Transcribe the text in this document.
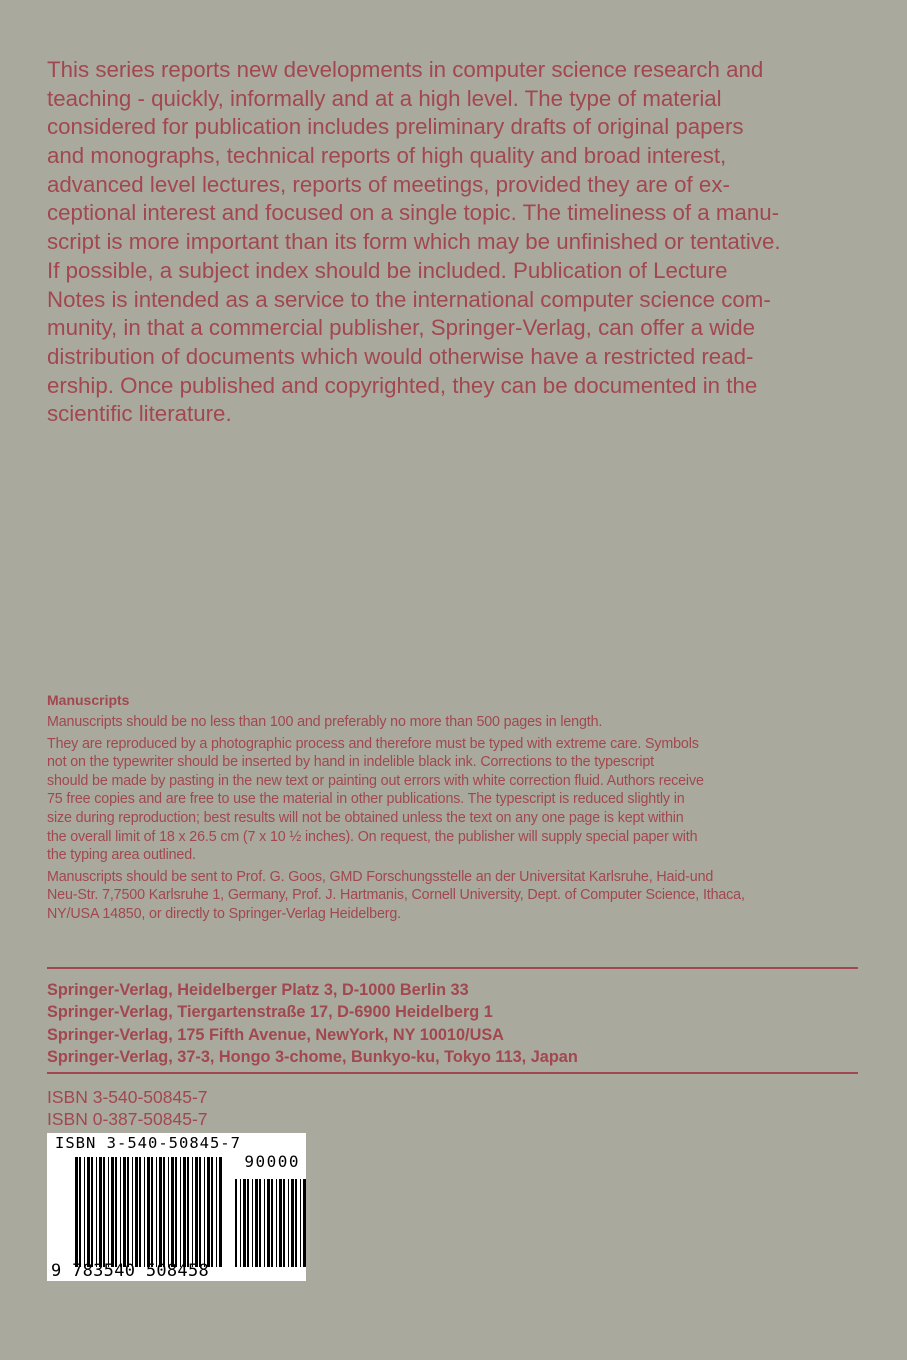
This series reports new developments in computer science research and
teaching - quickly, informally and at a high level. The type of material
considered for publication includes preliminary drafts of original papers
and monographs, technical reports of high quality and broad interest,
advanced level lectures, reports of meetings, provided they are of ex-
ceptional interest and focused on a single topic. The timeliness of a manu-
script is more important than its form which may be unfinished or tentative.
If possible, a subject index should be included. Publication of Lecture
Notes is intended as a service to the international computer science com-
munity, in that a commercial publisher, Springer-Verlag, can offer a wide
distribution of documents which would otherwise have a restricted read-
ership. Once published and copyrighted, they can be documented in the
scientific literature.
Manuscripts
Manuscripts should be no less than 100 and preferably no more than 500 pages in length.
They are reproduced by a photographic process and therefore must be typed with extreme care. Symbols
not on the typewriter should be inserted by hand in indelible black ink. Corrections to the typescript
should be made by pasting in the new text or painting out errors with white correction fluid. Authors receive
75 free copies and are free to use the material in other publications. The typescript is reduced slightly in
size during reproduction; best results will not be obtained unless the text on any one page is kept within
the overall limit of 18 x 26.5 cm (7 x 10 ½ inches). On request, the publisher will supply special paper with
the typing area outlined.
Manuscripts should be sent to Prof. G. Goos, GMD Forschungsstelle an der Universitat Karlsruhe, Haid-und
Neu-Str. 7,7500 Karlsruhe 1, Germany, Prof. J. Hartmanis, Cornell University, Dept. of Computer Science, Ithaca,
NY/USA 14850, or directly to Springer-Verlag Heidelberg.
Springer-Verlag, Heidelberger Platz 3, D-1000 Berlin 33
Springer-Verlag, Tiergartenstraße 17, D-6900 Heidelberg 1
Springer-Verlag, 175 Fifth Avenue, NewYork, NY 10010/USA
Springer-Verlag, 37-3, Hongo 3-chome, Bunkyo-ku, Tokyo 113, Japan
ISBN 3-540-50845-7
ISBN 0-387-50845-7
ISBN 3-540-50845-7
90000
9 783540 508458
